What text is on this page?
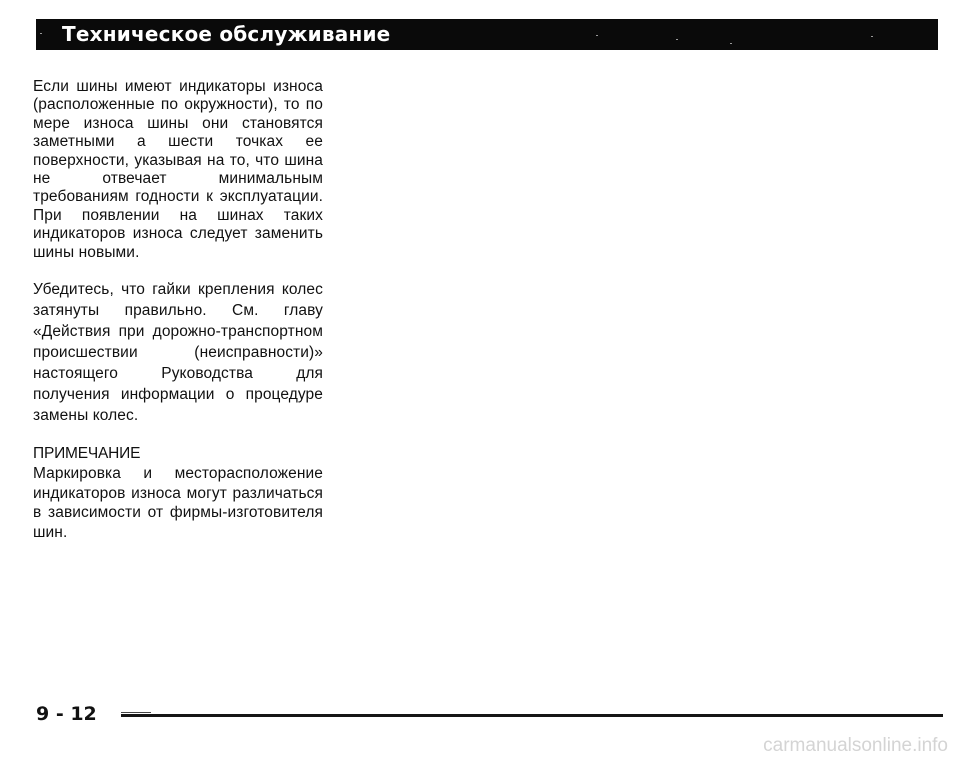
Техническое обслуживание

Если шины имеют индикаторы износа (расположенные по окружности), то по мере износа шины они становятся заметными а шести точках ее поверхности, указывая на то, что шина не отвечает минимальным требованиям годности к эксплуатации. При появлении на шинах таких индикаторов износа следует заменить шины новыми.

Убедитесь, что гайки крепления колес затянуты правильно. См. главу «Действия при дорожно-транспортном происшествии (неисправности)» настоящего Руководства для получения информации о процедуре замены колес.

ПРИМЕЧАНИЕ

Маркировка и месторасположение индикаторов износа могут различаться в зависимости от фирмы-изготовителя шин.

9 - 12
carmanualsonline.info
